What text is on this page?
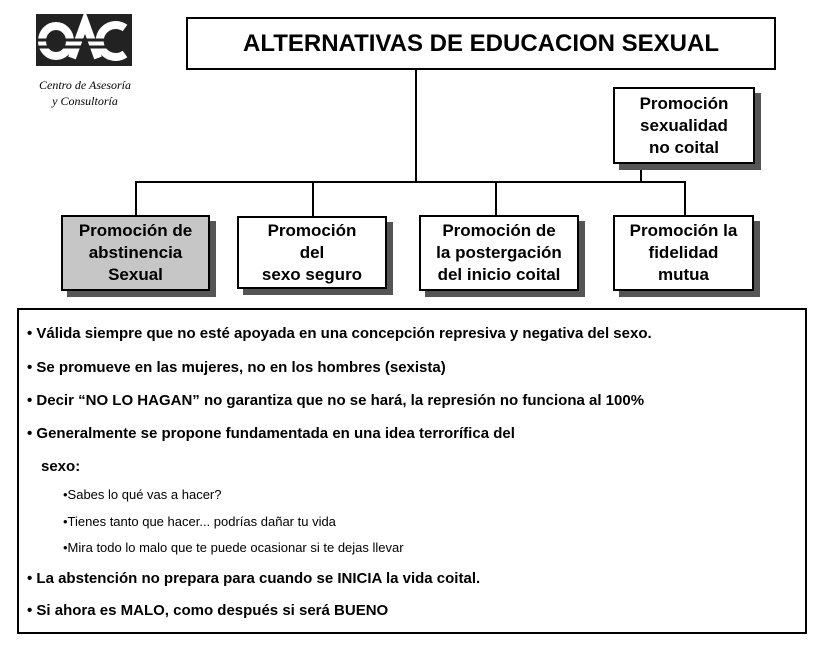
Centro de Asesoría
y Consultoría
ALTERNATIVAS DE EDUCACION SEXUAL
Promoción
sexualidad
no coital
Promoción de
abstinencia
Sexual
Promoción
del
sexo seguro
Promoción de
la postergación
del inicio coital
Promoción la
fidelidad
mutua
• Válida siempre que no esté apoyada en una concepción represiva y negativa del sexo.
• Se promueve en las mujeres, no en los hombres (sexista)
• Decir “NO LO HAGAN” no garantiza que no se hará, la represión no funciona al 100%
• Generalmente se propone fundamentada en una idea terrorífica del
sexo:
•Sabes lo qué vas a hacer?
•Tienes tanto que hacer... podrías dañar tu vida
•Mira todo lo malo que te puede ocasionar si te dejas llevar
• La abstención no prepara para cuando se INICIA la vida coital.
• Si ahora es MALO, como después si será BUENO
